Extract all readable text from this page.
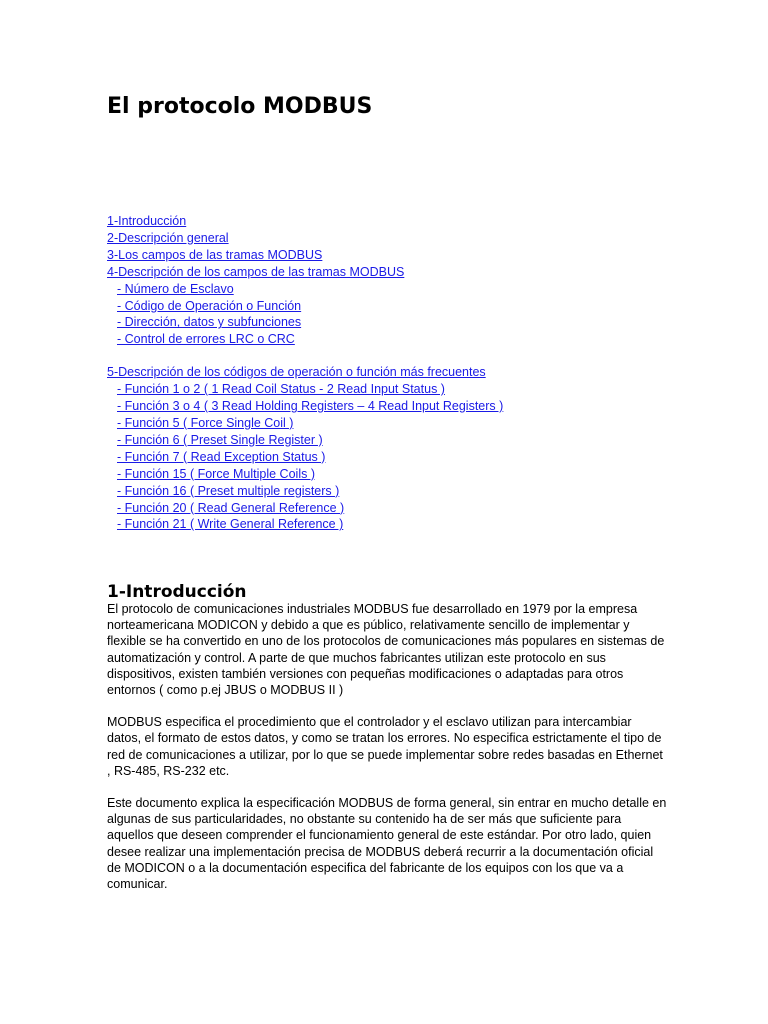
El protocolo MODBUS
1-Introducción
2-Descripción general
3-Los campos de las tramas MODBUS
4-Descripción de los campos de las tramas MODBUS
- Número de Esclavo
- Código de Operación o Función
- Dirección, datos y subfunciones
- Control de errores LRC o CRC
5-Descripción de los códigos de operación o función más frecuentes
- Función 1 o 2 ( 1 Read Coil Status - 2 Read Input Status )
- Función 3 o 4 ( 3 Read Holding Registers – 4 Read Input Registers )
- Función 5 ( Force Single Coil )
- Función 6 ( Preset Single Register )
- Función 7 ( Read Exception Status )
- Función 15 ( Force Multiple Coils )
- Función 16 ( Preset multiple registers )
- Función 20 ( Read General Reference )
- Función 21 ( Write General Reference )
1-Introducción

El protocolo de comunicaciones industriales MODBUS fue desarrollado en 1979 por la empresa norteamericana MODICON y debido a que es público, relativamente sencillo de implementar y flexible se ha convertido en uno de los protocolos de comunicaciones más populares en sistemas de automatización y control. A parte de que muchos fabricantes utilizan este protocolo en sus dispositivos, existen también versiones con pequeñas modificaciones o adaptadas para otros entornos ( como p.ej JBUS o MODBUS II )

MODBUS especifica el procedimiento que el controlador y el esclavo utilizan para intercambiar datos, el formato de estos datos, y como se tratan los errores. No especifica estrictamente el tipo de red de comunicaciones a utilizar, por lo que se puede implementar sobre redes basadas en Ethernet , RS-485, RS-232 etc.

Este documento explica la especificación MODBUS de forma general, sin entrar en mucho detalle en algunas de sus particularidades, no obstante su contenido ha de ser más que suficiente para aquellos que deseen comprender el funcionamiento general de este estándar. Por otro lado, quien desee realizar una implementación precisa de MODBUS deberá recurrir a la documentación oficial de MODICON o a la documentación especifica del fabricante de los equipos con los que va a comunicar.
